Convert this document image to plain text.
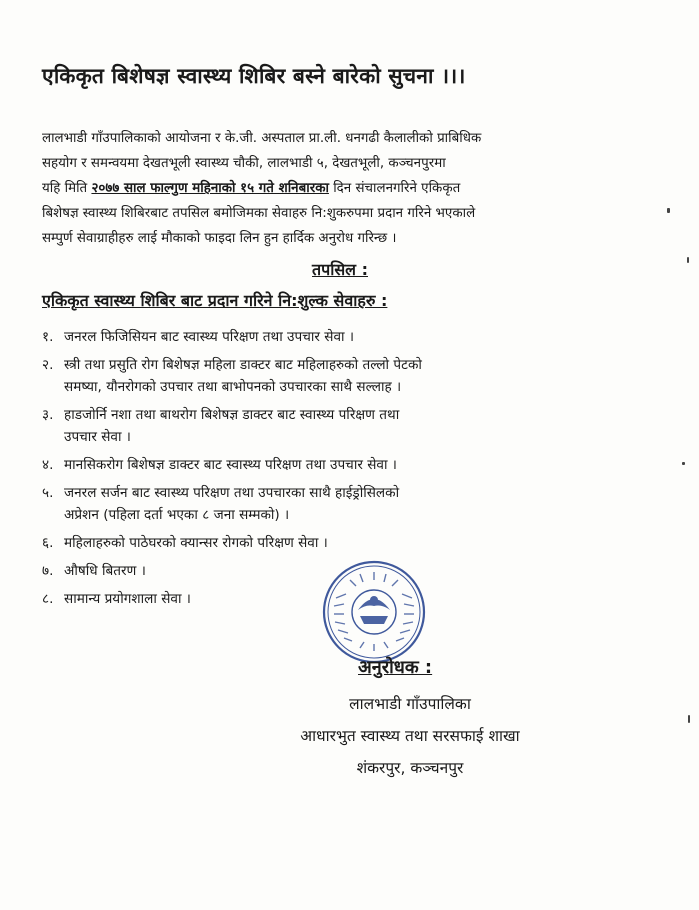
एकिकृत बिशेषज्ञ स्वास्थ्य शिबिर बस्ने बारेको सुचना ।।।
लालभाडी गाँउपालिकाको आयोजना र के.जी. अस्पताल प्रा.ली. धनगढी कैलालीको प्राबिधिक
सहयोग र समन्वयमा देखतभूली स्वास्थ्य चौकी, लालभाडी ५, देखतभूली, कञ्चनपुरमा
यहि मिति २०७७ साल फाल्गुण महिनाको १५ गते शनिबारका दिन संचालनगरिने एकिकृत
बिशेषज्ञ स्वास्थ्य शिबिरबाट तपसिल बमोजिमका सेवाहरु नि:शुकरुपमा प्रदान गरिने भएकाले
सम्पुर्ण सेवाग्राहीहरु लाई मौकाको फाइदा लिन हुन हार्दिक अनुरोध गरिन्छ ।
तपसिल :
एकिकृत स्वास्थ्य शिबिर बाट प्रदान गरिने नि:शुल्क सेवाहरु :
१. जनरल फिजिसियन बाट स्वास्थ्य परिक्षण तथा उपचार सेवा ।
२. स्त्री तथा प्रसुति रोग बिशेषज्ञ महिला डाक्टर बाट महिलाहरुको तल्लो पेटको
समष्या, यौनरोगको उपचार तथा बाभोपनको उपचारका साथै सल्लाह ।
३. हाडजोर्नि नशा तथा बाथरोग बिशेषज्ञ डाक्टर बाट स्वास्थ्य परिक्षण तथा
उपचार सेवा ।
४. मानसिकरोग बिशेषज्ञ डाक्टर बाट स्वास्थ्य परिक्षण तथा उपचार सेवा ।
५. जनरल सर्जन बाट स्वास्थ्य परिक्षण तथा उपचारका साथै हाईड्रोसिलको
अप्रेशन (पहिला दर्ता भएका ८ जना सम्मको) ।
६. महिलाहरुको पाठेघरको क्यान्सर रोगको परिक्षण सेवा ।
७. औषधि बितरण ।
८. सामान्य प्रयोगशाला सेवा ।
अनुरोधक :
लालभाडी गाँउपालिका
आधारभुत स्वास्थ्य तथा सरसफाई शाखा
शंकरपुर, कञ्चनपुर
